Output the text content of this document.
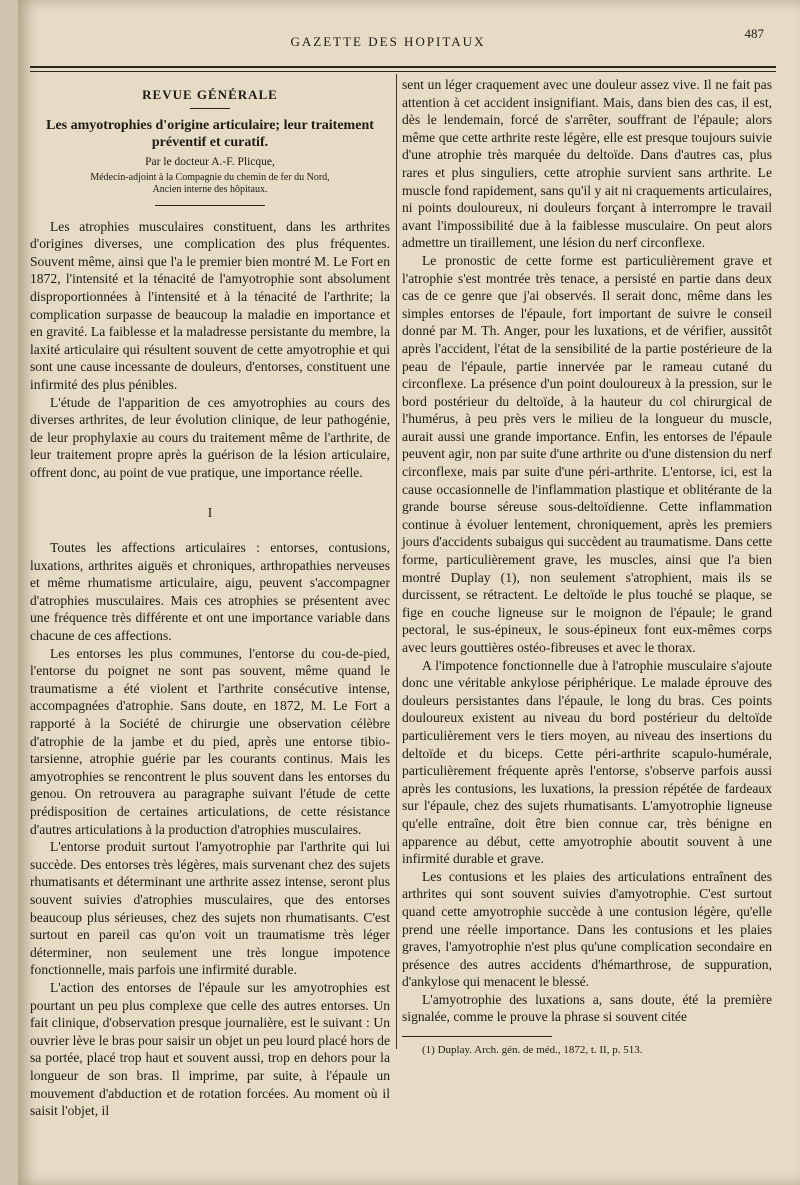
GAZETTE DES HOPITAUX
487
REVUE GÉNÉRALE
Les amyotrophies d'origine articulaire; leur traitement préventif et curatif.
Par le docteur A.-F. Plicque,
Médecin-adjoint à la Compagnie du chemin de fer du Nord,
Ancien interne des hôpitaux.

Les atrophies musculaires constituent, dans les arthrites d'origines diverses, une complication des plus fréquentes. Souvent même, ainsi que l'a le premier bien montré M. Le Fort en 1872, l'intensité et la ténacité de l'amyotrophie sont absolument disproportionnées à l'intensité et à la ténacité de l'arthrite; la complication surpasse de beaucoup la maladie en importance et en gravité. La faiblesse et la maladresse persistante du membre, la laxité articulaire qui résultent souvent de cette amyotrophie et qui sont une cause incessante de douleurs, d'entorses, constituent une infirmité des plus pénibles.

L'étude de l'apparition de ces amyotrophies au cours des diverses arthrites, de leur évolution clinique, de leur pathogénie, de leur prophylaxie au cours du traitement même de l'arthrite, de leur traitement propre après la guérison de la lésion articulaire, offrent donc, au point de vue pratique, une importance réelle.

I

Toutes les affections articulaires : entorses, contusions, luxations, arthrites aiguës et chroniques, arthropathies nerveuses et même rhumatisme articulaire, aigu, peuvent s'accompagner d'atrophies musculaires. Mais ces atrophies se présentent avec une fréquence très différente et ont une importance variable dans chacune de ces affections.

Les entorses les plus communes, l'entorse du cou-de-pied, l'entorse du poignet ne sont pas souvent, même quand le traumatisme a été violent et l'arthrite consécutive intense, accompagnées d'atrophie. Sans doute, en 1872, M. Le Fort a rapporté à la Société de chirurgie une observation célèbre d'atrophie de la jambe et du pied, après une entorse tibio-tarsienne, atrophie guérie par les courants continus. Mais les amyotrophies se rencontrent le plus souvent dans les entorses du genou. On retrouvera au paragraphe suivant l'étude de cette prédisposition de certaines articulations, de cette résistance d'autres articulations à la production d'atrophies musculaires.

L'entorse produit surtout l'amyotrophie par l'arthrite qui lui succède. Des entorses très légères, mais survenant chez des sujets rhumatisants et déterminant une arthrite assez intense, seront plus souvent suivies d'atrophies musculaires, que des entorses beaucoup plus sérieuses, chez des sujets non rhumatisants. C'est surtout en pareil cas qu'on voit un traumatisme très léger déterminer, non seulement une très longue impotence fonctionnelle, mais parfois une infirmité durable.

L'action des entorses de l'épaule sur les amyotrophies est pourtant un peu plus complexe que celle des autres entorses. Un fait clinique, d'observation presque journalière, est le suivant : Un ouvrier lève le bras pour saisir un objet un peu lourd placé hors de sa portée, placé trop haut et souvent aussi, trop en dehors pour la longueur de son bras. Il imprime, par suite, à l'épaule un mouvement d'abduction et de rotation forcées. Au moment où il saisit l'objet, il

sent un léger craquement avec une douleur assez vive. Il ne fait pas attention à cet accident insignifiant. Mais, dans bien des cas, il est, dès le lendemain, forcé de s'arrêter, souffrant de l'épaule; alors même que cette arthrite reste légère, elle est presque toujours suivie d'une atrophie très marquée du deltoïde. Dans d'autres cas, plus rares et plus singuliers, cette atrophie survient sans arthrite. Le muscle fond rapidement, sans qu'il y ait ni craquements articulaires, ni points douloureux, ni douleurs forçant à interrompre le travail avant l'impossibilité due à la faiblesse musculaire. On peut alors admettre un tiraillement, une lésion du nerf circonflexe.

Le pronostic de cette forme est particulièrement grave et l'atrophie s'est montrée très tenace, a persisté en partie dans deux cas de ce genre que j'ai observés. Il serait donc, même dans les simples entorses de l'épaule, fort important de suivre le conseil donné par M. Th. Anger, pour les luxations, et de vérifier, aussitôt après l'accident, l'état de la sensibilité de la partie postérieure de la peau de l'épaule, partie innervée par le rameau cutané du circonflexe. La présence d'un point douloureux à la pression, sur le bord postérieur du deltoïde, à la hauteur du col chirurgical de l'humérus, à peu près vers le milieu de la longueur du muscle, aurait aussi une grande importance. Enfin, les entorses de l'épaule peuvent agir, non par suite d'une arthrite ou d'une distension du nerf circonflexe, mais par suite d'une péri-arthrite. L'entorse, ici, est la cause occasionnelle de l'inflammation plastique et oblitérante de la grande bourse séreuse sous-deltoïdienne. Cette inflammation continue à évoluer lentement, chroniquement, après les premiers jours d'accidents subaigus qui succèdent au traumatisme. Dans cette forme, particulièrement grave, les muscles, ainsi que l'a bien montré Duplay (1), non seulement s'atrophient, mais ils se durcissent, se rétractent. Le deltoïde le plus touché se plaque, se fige en couche ligneuse sur le moignon de l'épaule; le grand pectoral, le sus-épineux, le sous-épineux font eux-mêmes corps avec leurs gouttières ostéo-fibreuses et avec le thorax.

A l'impotence fonctionnelle due à l'atrophie musculaire s'ajoute donc une véritable ankylose périphérique. Le malade éprouve des douleurs persistantes dans l'épaule, le long du bras. Ces points douloureux existent au niveau du bord postérieur du deltoïde particulièrement vers le tiers moyen, au niveau des insertions du deltoïde et du biceps. Cette péri-arthrite scapulo-humérale, particulièrement fréquente après l'entorse, s'observe parfois aussi après les contusions, les luxations, la pression répétée de fardeaux sur l'épaule, chez des sujets rhumatisants. L'amyotrophie ligneuse qu'elle entraîne, doit être bien connue car, très bénigne en apparence au début, cette amyotrophie aboutit souvent à une infirmité durable et grave.

Les contusions et les plaies des articulations entraînent des arthrites qui sont souvent suivies d'amyotrophie. C'est surtout quand cette amyotrophie succède à une contusion légère, qu'elle prend une réelle importance. Dans les contusions et les plaies graves, l'amyotrophie n'est plus qu'une complication secondaire en présence des autres accidents d'hémarthrose, de suppuration, d'ankylose qui menacent le blessé.

L'amyotrophie des luxations a, sans doute, été la première signalée, comme le prouve la phrase si souvent citée

(1) Duplay. Arch. gén. de méd., 1872, t. II, p. 513.
